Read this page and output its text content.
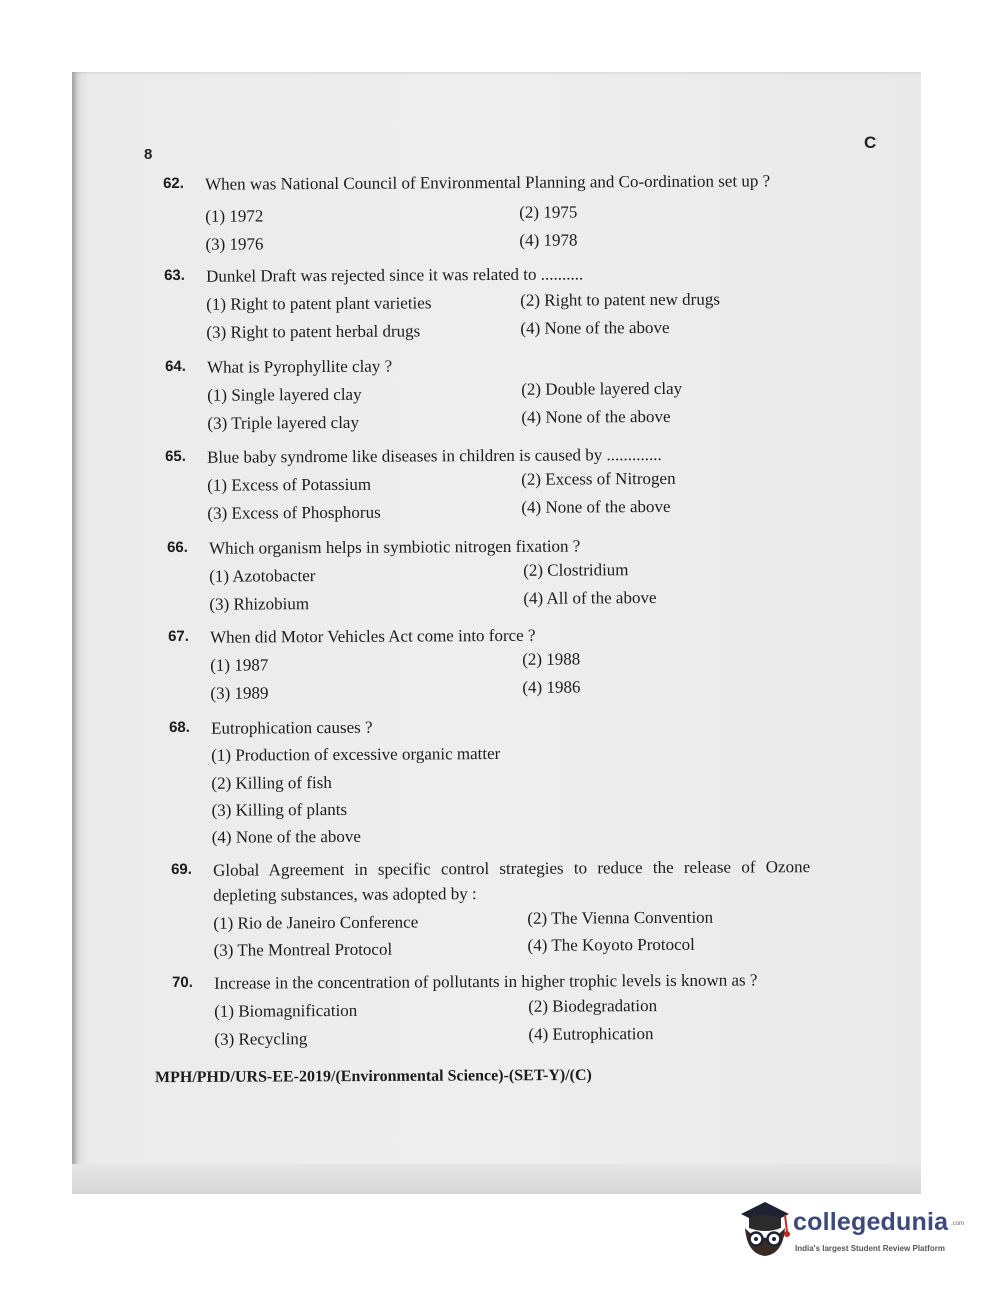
8
C
62. When was National Council of Environmental Planning and Co-ordination set up ?
(1) 1972	(2) 1975
(3) 1976	(4) 1978
63. Dunkel Draft was rejected since it was related to ..........
(1) Right to patent plant varieties	(2) Right to patent new drugs
(3) Right to patent herbal drugs	(4) None of the above
64. What is Pyrophyllite clay ?
(1) Single layered clay	(2) Double layered clay
(3) Triple layered clay	(4) None of the above
65. Blue baby syndrome like diseases in children is caused by .............
(1) Excess of Potassium	(2) Excess of Nitrogen
(3) Excess of Phosphorus	(4) None of the above
66. Which organism helps in symbiotic nitrogen fixation ?
(1) Azotobacter	(2) Clostridium
(3) Rhizobium	(4) All of the above
67. When did Motor Vehicles Act come into force ?
(1) 1987	(2) 1988
(3) 1989	(4) 1986
68. Eutrophication causes ?
(1) Production of excessive organic matter
(2) Killing of fish
(3) Killing of plants
(4) None of the above
69. Global Agreement in specific control strategies to reduce the release of Ozone
depleting substances, was adopted by :
(1) Rio de Janeiro Conference	(2) The Vienna Convention
(3) The Montreal Protocol	(4) The Koyoto Protocol
70. Increase in the concentration of pollutants in higher trophic levels is known as ?
(1) Biomagnification	(2) Biodegradation
(3) Recycling	(4) Eutrophication
MPH/PHD/URS-EE-2019/(Environmental Science)-(SET-Y)/(C)
collegedunia .com
India's largest Student Review Platform
